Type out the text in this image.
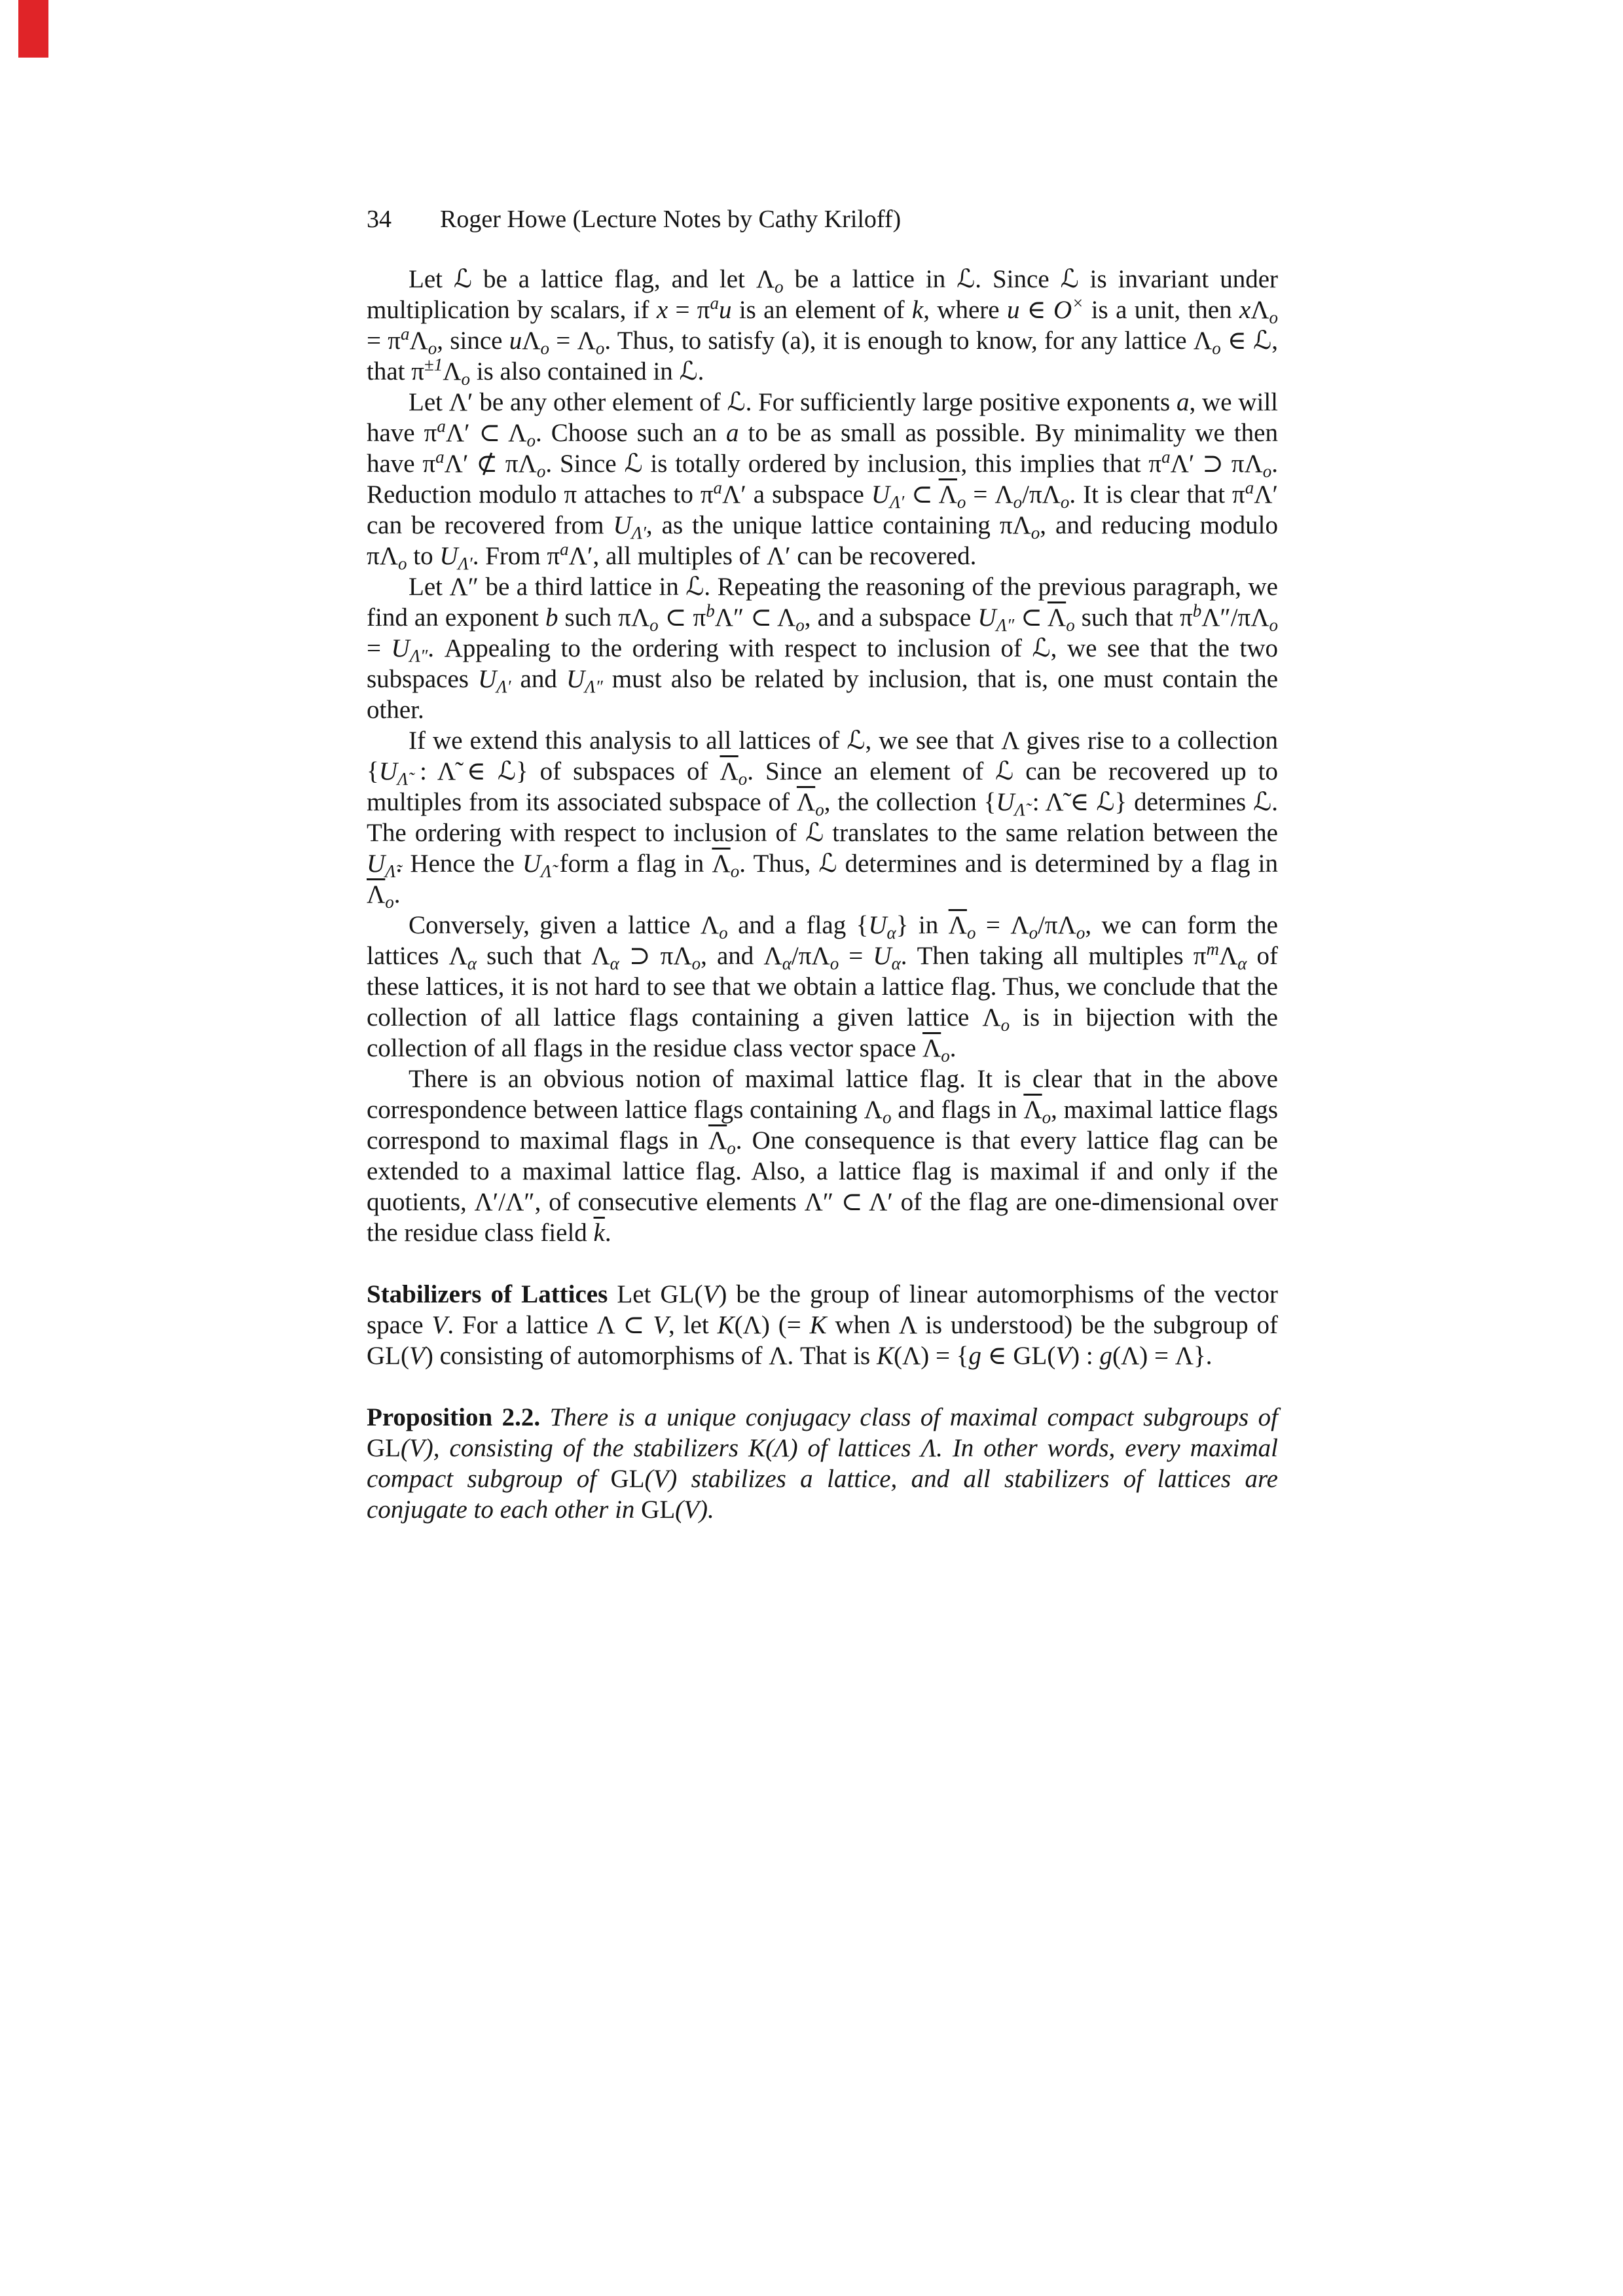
34 Roger Howe (Lecture Notes by Cathy Kriloff)

Let ℒ be a lattice flag, and let $\Lambda_o$ be a lattice in ℒ. Since ℒ is invariant under multiplication by scalars, if $x = \pi^au$ is an element of k, where u ∈ O× is a unit, then $x\Lambda_o = \pi^a\Lambda_o$, since $u\Lambda_o = \Lambda_o$. Thus, to satisfy (a), it is enough to know, for any lattice $\Lambda_o$ ∈ ℒ, that $\pi^{\pm 1}\Lambda_o$ is also contained in ℒ.

Let Λ′ be any other element of ℒ. For sufficiently large positive exponents a, we will have $\pi^a\Lambda'$ ⊂ $\Lambda_o$. Choose such an a to be as small as possible. By minimality we then have $\pi^a\Lambda'$ ⊄ $\pi\Lambda_o$. Since ℒ is totally ordered by inclusion, this implies that $\pi^a\Lambda'$ ⊃ $\pi\Lambda_o$. Reduction modulo π attaches to $\pi^a\Lambda'$ a subspace $U_{\Lambda'}$ ⊂ $\overline{\Lambda}_o = \Lambda_o/\pi\Lambda_o$. It is clear that $\pi^a\Lambda'$ can be recovered from $U_{\Lambda'}$, as the unique lattice containing $\pi\Lambda_o$, and reducing modulo $\pi\Lambda_o$ to $U_{\Lambda'}$. From $\pi^a\Lambda'$, all multiples of Λ′ can be recovered.

Let Λ″ be a third lattice in ℒ. Repeating the reasoning of the previous paragraph, we find an exponent b such $\pi\Lambda_o$ ⊂ $\pi^b\Lambda''$ ⊂ $\Lambda_o$, and a subspace $U_{\Lambda''}$ ⊂ $\overline{\Lambda}_o$ such that $\pi^b\Lambda''/\pi\Lambda_o = U_{\Lambda''}$. Appealing to the ordering with respect to inclusion of ℒ, we see that the two subspaces $U_{\Lambda'}$ and $U_{\Lambda''}$ must also be related by inclusion, that is, one must contain the other.

If we extend this analysis to all lattices of ℒ, we see that Λ gives rise to a collection {$U_{\Lambdã}$ : Λ̃ ∈ ℒ} of subspaces of $\overline{\Lambda}_o$. Since an element of ℒ can be recovered up to multiples from its associated subspace of $\overline{\Lambda}_o$, the collection {$U_{\Lambdã}$ : Λ̃ ∈ ℒ} determines ℒ. The ordering with respect to inclusion of ℒ translates to the same relation between the $U_{\Lambdã}$. Hence the $U_{\Lambdã}$ form a flag in $\overline{\Lambda}_o$. Thus, ℒ determines and is determined by a flag in $\overline{\Lambda}_o$.

Conversely, given a lattice $\Lambda_o$ and a flag $\{U_\alpha\}$ in $\overline{\Lambda}_o = \Lambda_o/\pi\Lambda_o$, we can form the lattices $\Lambda_\alpha$ such that $\Lambda_\alpha$ ⊃ $\pi\Lambda_o$, and $\Lambda_\alpha/\pi\Lambda_o = U_\alpha$. Then taking all multiples $\pi^m\Lambda_\alpha$ of these lattices, it is not hard to see that we obtain a lattice flag. Thus, we conclude that the collection of all lattice flags containing a given lattice $\Lambda_o$ is in bijection with the collection of all flags in the residue class vector space $\overline{\Lambda}_o$.

There is an obvious notion of maximal lattice flag. It is clear that in the above correspondence between lattice flags containing $\Lambda_o$ and flags in $\overline{\Lambda}_o$, maximal lattice flags correspond to maximal flags in $\overline{\Lambda}_o$. One consequence is that every lattice flag can be extended to a maximal lattice flag. Also, a lattice flag is maximal if and only if the quotients, Λ′/Λ″, of consecutive elements Λ″ ⊂ Λ′ of the flag are one-dimensional over the residue class field $\overline{k}$.

Stabilizers of Lattices Let GL(V) be the group of linear automorphisms of the vector space V. For a lattice Λ ⊂ V, let K(Λ) (= K when Λ is understood) be the subgroup of GL(V) consisting of automorphisms of Λ. That is K(Λ) = {g ∈ GL(V) : g(Λ) = Λ}.

Proposition 2.2. There is a unique conjugacy class of maximal compact subgroups of GL(V), consisting of the stabilizers K(Λ) of lattices Λ. In other words, every maximal compact subgroup of GL(V) stabilizes a lattice, and all stabilizers of lattices are conjugate to each other in GL(V).
